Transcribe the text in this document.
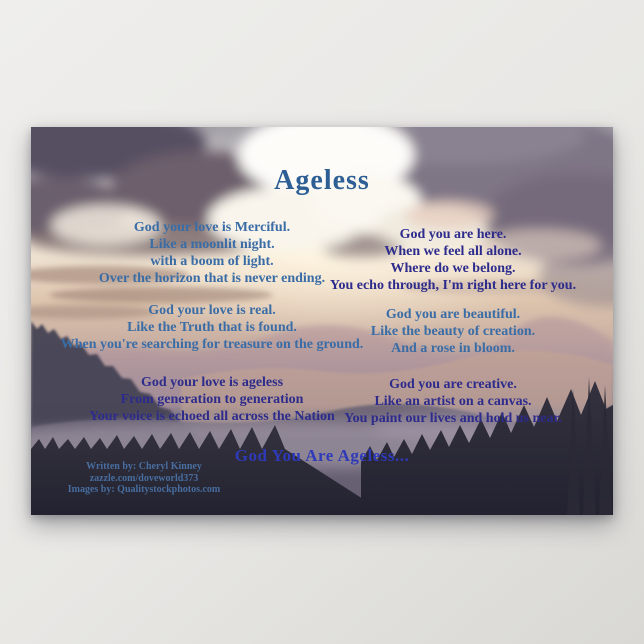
Ageless
God your love is Merciful.
Like a moonlit night.
with a boom of light.
Over the horizon that is never ending.
God your love is real.
Like the Truth that is found.
When you're searching for treasure on the ground.
God your love is ageless
From generation to generation
Your voice is echoed all across the Nation
God you are here.
When we feel all alone.
Where do we belong.
You echo through, I'm right here for you.
God you are beautiful.
Like the beauty of creation.
And a rose in bloom.
God you are creative.
Like an artist on a canvas.
You paint our lives and hold us near.
God You Are Ageless...
Written by: Cheryl Kinney
zazzle.com/doveworld373
Images by: Qualitystockphotos.com
